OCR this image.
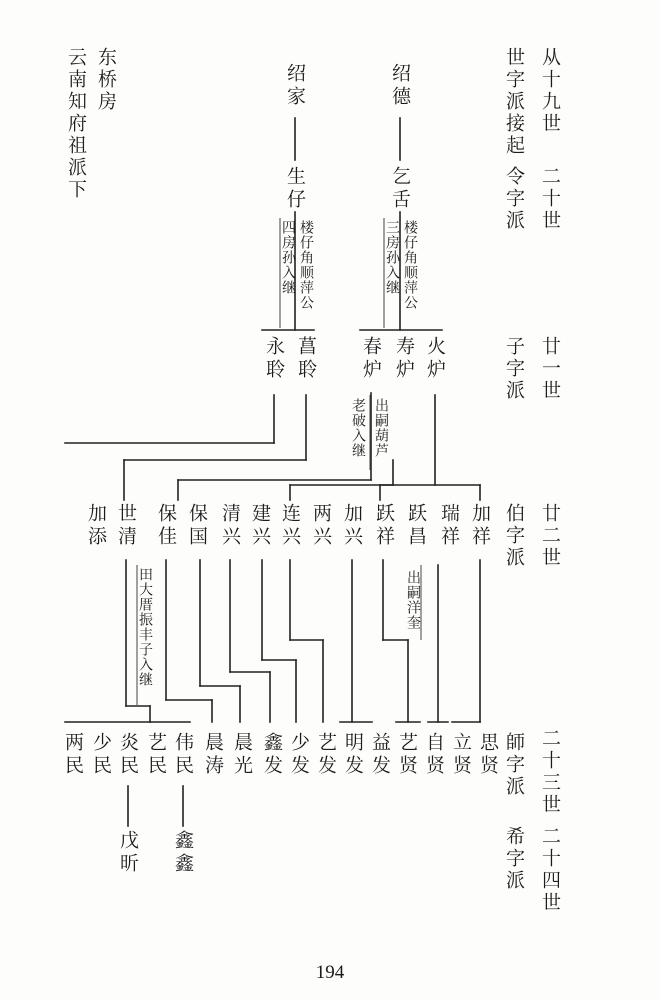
从十九世
世字派接起
二十世
令字派
廿一世
子字派
廿二世
伯字派
二十三世
師字派
二十四世
希字派
东桥房
云南知府祖派下	绍德
绍家
乞舌
生仔
楼仔角顺萍公
三房孙入继
楼仔角顺萍公
四房孙入继
出嗣葫芦
老破入继
出嗣洋奎
田大厝振丰子入继
火炉
寿炉
春炉
菖聆
永聆
加祥
瑞祥
跃昌
跃祥
加兴
两兴
连兴
建兴
清兴
保国
保佳
世清
加添
思贤
立贤
自贤
艺贤
益发
明发
艺发
少发
鑫发
晨光
晨涛
伟民
艺民
炎民
少民
两民
鑫鑫
戊昕
194
